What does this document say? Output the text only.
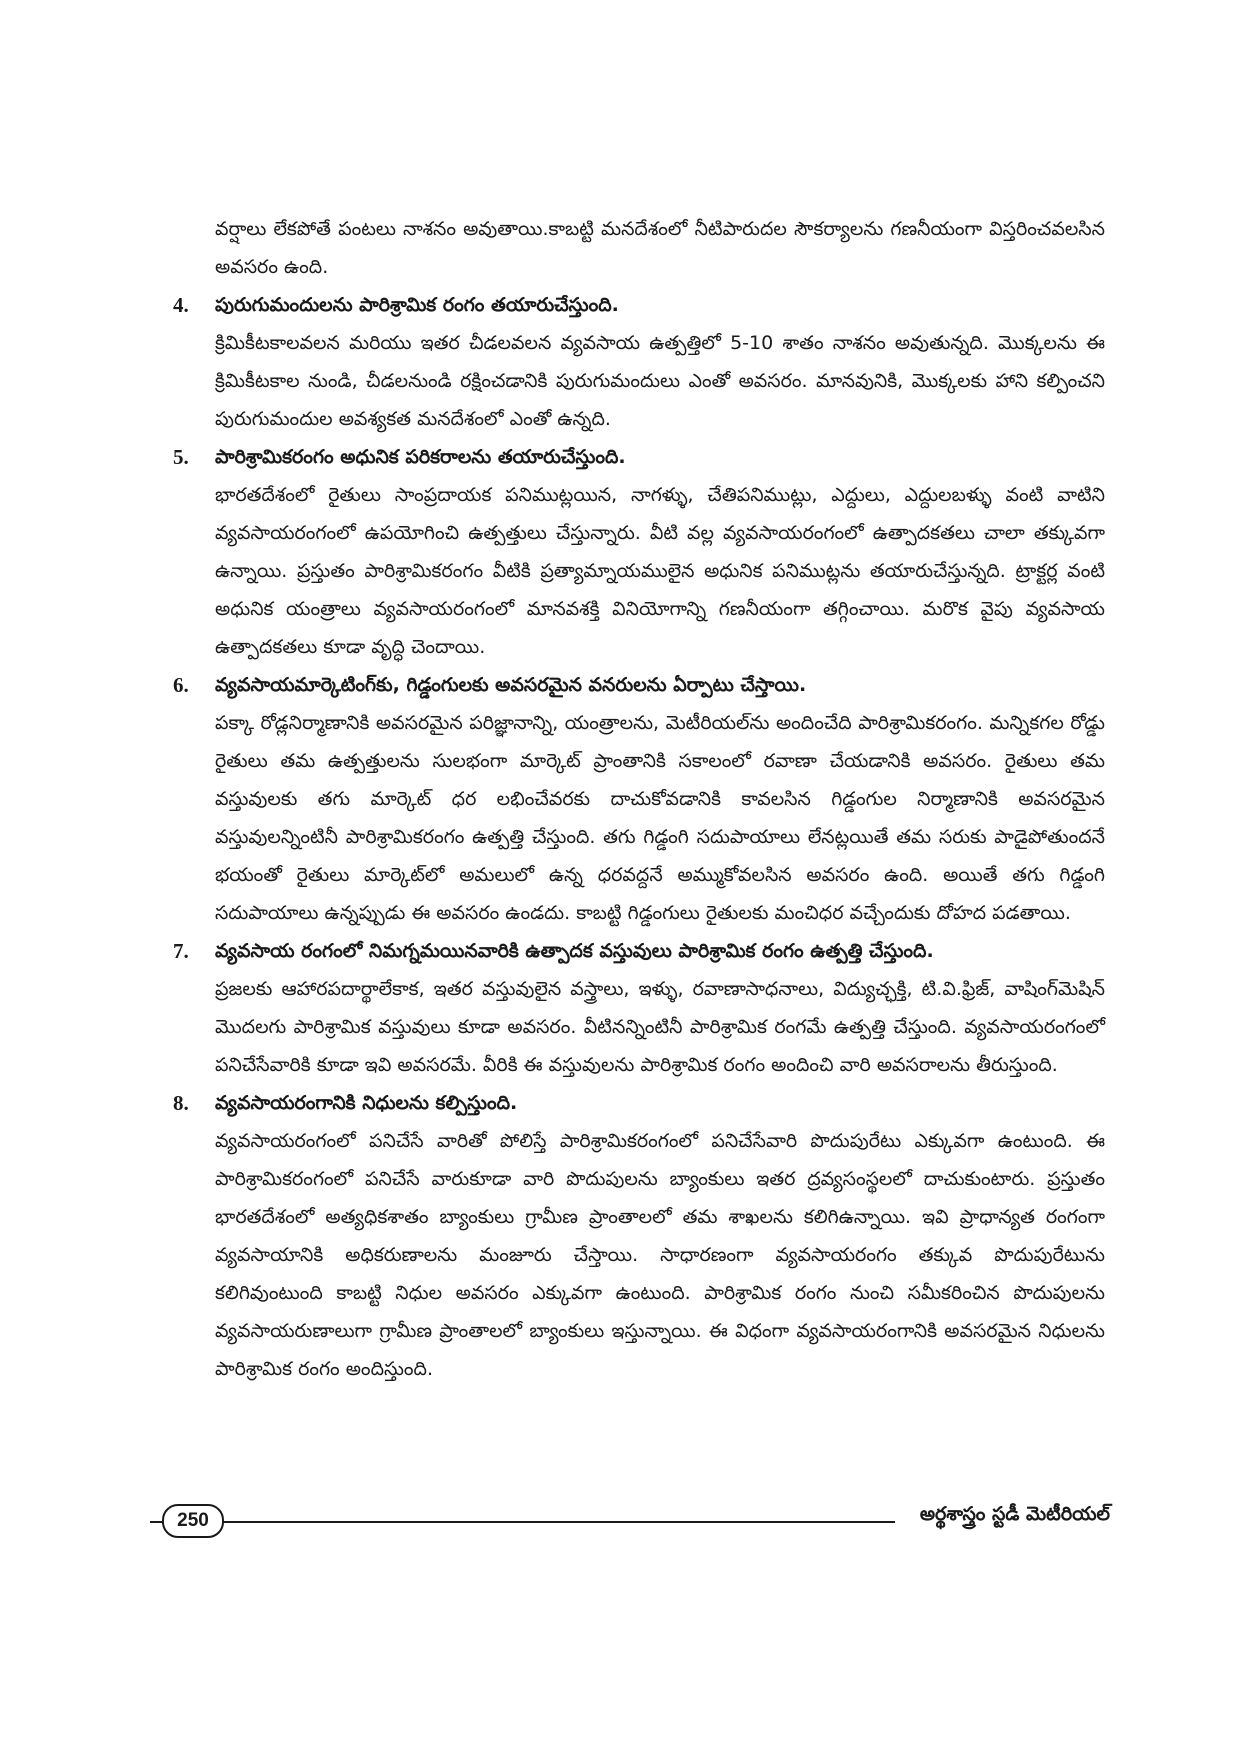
వర్షాలు లేకపోతే పంటలు నాశనం అవుతాయి.కాబట్టి మనదేశంలో నీటిపారుదల సౌకర్యాలను గణనీయంగా విస్తరించవలసిన అవసరం ఉంది.

4.	పురుగుమందులను పారిశ్రామిక రంగం తయారుచేస్తుంది.

క్రిమికీటకాలవలన మరియు ఇతర చీడలవలన వ్యవసాయ ఉత్పత్తిలో 5-10 శాతం నాశనం అవుతున్నది. మొక్కలను ఈ క్రిమికీటకాల నుండి, చీడలనుండి రక్షించడానికి పురుగుమందులు ఎంతో అవసరం. మానవునికి, మొక్కలకు హాని కల్పించని పురుగుమందుల అవశ్యకత మనదేశంలో ఎంతో ఉన్నది.

5.	పారిశ్రామికరంగం అధునిక పరికరాలను తయారుచేస్తుంది.

భారతదేశంలో రైతులు సాంప్రదాయక పనిముట్లయిన, నాగళ్ళు, చేతిపనిముట్లు, ఎద్దులు, ఎద్దులబళ్ళు వంటి వాటిని వ్యవసాయరంగంలో ఉపయోగించి ఉత్పత్తులు చేస్తున్నారు. వీటి వల్ల వ్యవసాయరంగంలో ఉత్పాదకతలు చాలా తక్కువగా ఉన్నాయి. ప్రస్తుతం పారిశ్రామికరంగం వీటికి ప్రత్యామ్నాయములైన అధునిక పనిముట్లను తయారుచేస్తున్నది. ట్రాక్టర్ల వంటి అధునిక యంత్రాలు వ్యవసాయరంగంలో మానవశక్తి వినియోగాన్ని గణనీయంగా తగ్గించాయి. మరొక వైపు వ్యవసాయ ఉత్పాదకతలు కూడా వృద్ధి చెందాయి.

6.	వ్యవసాయమార్కెటింగ్‌కు, గిడ్డంగులకు అవసరమైన వనరులను ఏర్పాటు చేస్తాయి.

పక్కా రోడ్లనిర్మాణానికి అవసరమైన పరిజ్ఞానాన్ని, యంత్రాలను, మెటీరియల్‌ను అందించేది పారిశ్రామికరంగం. మన్నికగల రోడ్డు రైతులు తమ ఉత్పత్తులను సులభంగా మార్కెట్ ప్రాంతానికి సకాలంలో రవాణా చేయడానికి అవసరం. రైతులు తమ వస్తువులకు తగు మార్కెట్ ధర లభించేవరకు దాచుకోవడానికి కావలసిన గిడ్డంగుల నిర్మాణానికి అవసరమైన వస్తువులన్నింటినీ పారిశ్రామికరంగం ఉత్పత్తి చేస్తుంది. తగు గిడ్డంగి సదుపాయాలు లేనట్లయితే తమ సరుకు పాడైపోతుందనే భయంతో రైతులు మార్కెట్‌లో అమలులో ఉన్న ధరవద్దనే అమ్ముకోవలసిన అవసరం ఉంది. అయితే తగు గిడ్డంగి సదుపాయాలు ఉన్నప్పుడు ఈ అవసరం ఉండదు. కాబట్టి గిడ్డంగులు రైతులకు మంచిధర వచ్చేందుకు దోహద పడతాయి.

7.	వ్యవసాయ రంగంలో నిమగ్నమయినవారికి ఉత్పాదక వస్తువులు పారిశ్రామిక రంగం ఉత్పత్తి చేస్తుంది.

ప్రజలకు ఆహారపదార్థాలేకాక, ఇతర వస్తువులైన వస్త్రాలు, ఇళ్ళు, రవాణాసాధనాలు, విద్యుచ్ఛక్తి, టి.వి.ఫ్రిజ్, వాషింగ్‌మెషిన్ మొదలగు పారిశ్రామిక వస్తువులు కూడా అవసరం. వీటినన్నింటినీ పారిశ్రామిక రంగమే ఉత్పత్తి చేస్తుంది. వ్యవసాయరంగంలో పనిచేసేవారికి కూడా ఇవి అవసరమే. వీరికి ఈ వస్తువులను పారిశ్రామిక రంగం అందించి వారి అవసరాలను తీరుస్తుంది.

8.	వ్యవసాయరంగానికి నిధులను కల్పిస్తుంది.

వ్యవసాయరంగంలో పనిచేసే వారితో పోలిస్తే పారిశ్రామికరంగంలో పనిచేసేవారి పొదుపురేటు ఎక్కువగా ఉంటుంది. ఈ పారిశ్రామికరంగంలో పనిచేసే వారుకూడా వారి పొదుపులను బ్యాంకులు ఇతర ద్రవ్యసంస్థలలో దాచుకుంటారు. ప్రస్తుతం భారతదేశంలో అత్యధికశాతం బ్యాంకులు గ్రామీణ ప్రాంతాలలో తమ శాఖలను కలిగిఉన్నాయి. ఇవి ప్రాధాన్యత రంగంగా వ్యవసాయానికి అధికరుణాలను మంజూరు చేస్తాయి. సాధారణంగా వ్యవసాయరంగం తక్కువ పొదుపురేటును కలిగివుంటుంది కాబట్టి నిధుల అవసరం ఎక్కువగా ఉంటుంది. పారిశ్రామిక రంగం నుంచి సమీకరించిన పొదుపులను వ్యవసాయరుణాలుగా గ్రామీణ ప్రాంతాలలో బ్యాంకులు ఇస్తున్నాయి. ఈ విధంగా వ్యవసాయరంగానికి అవసరమైన నిధులను పారిశ్రామిక రంగం అందిస్తుంది.

250	అర్థశాస్త్రం స్టడీ మెటీరియల్
